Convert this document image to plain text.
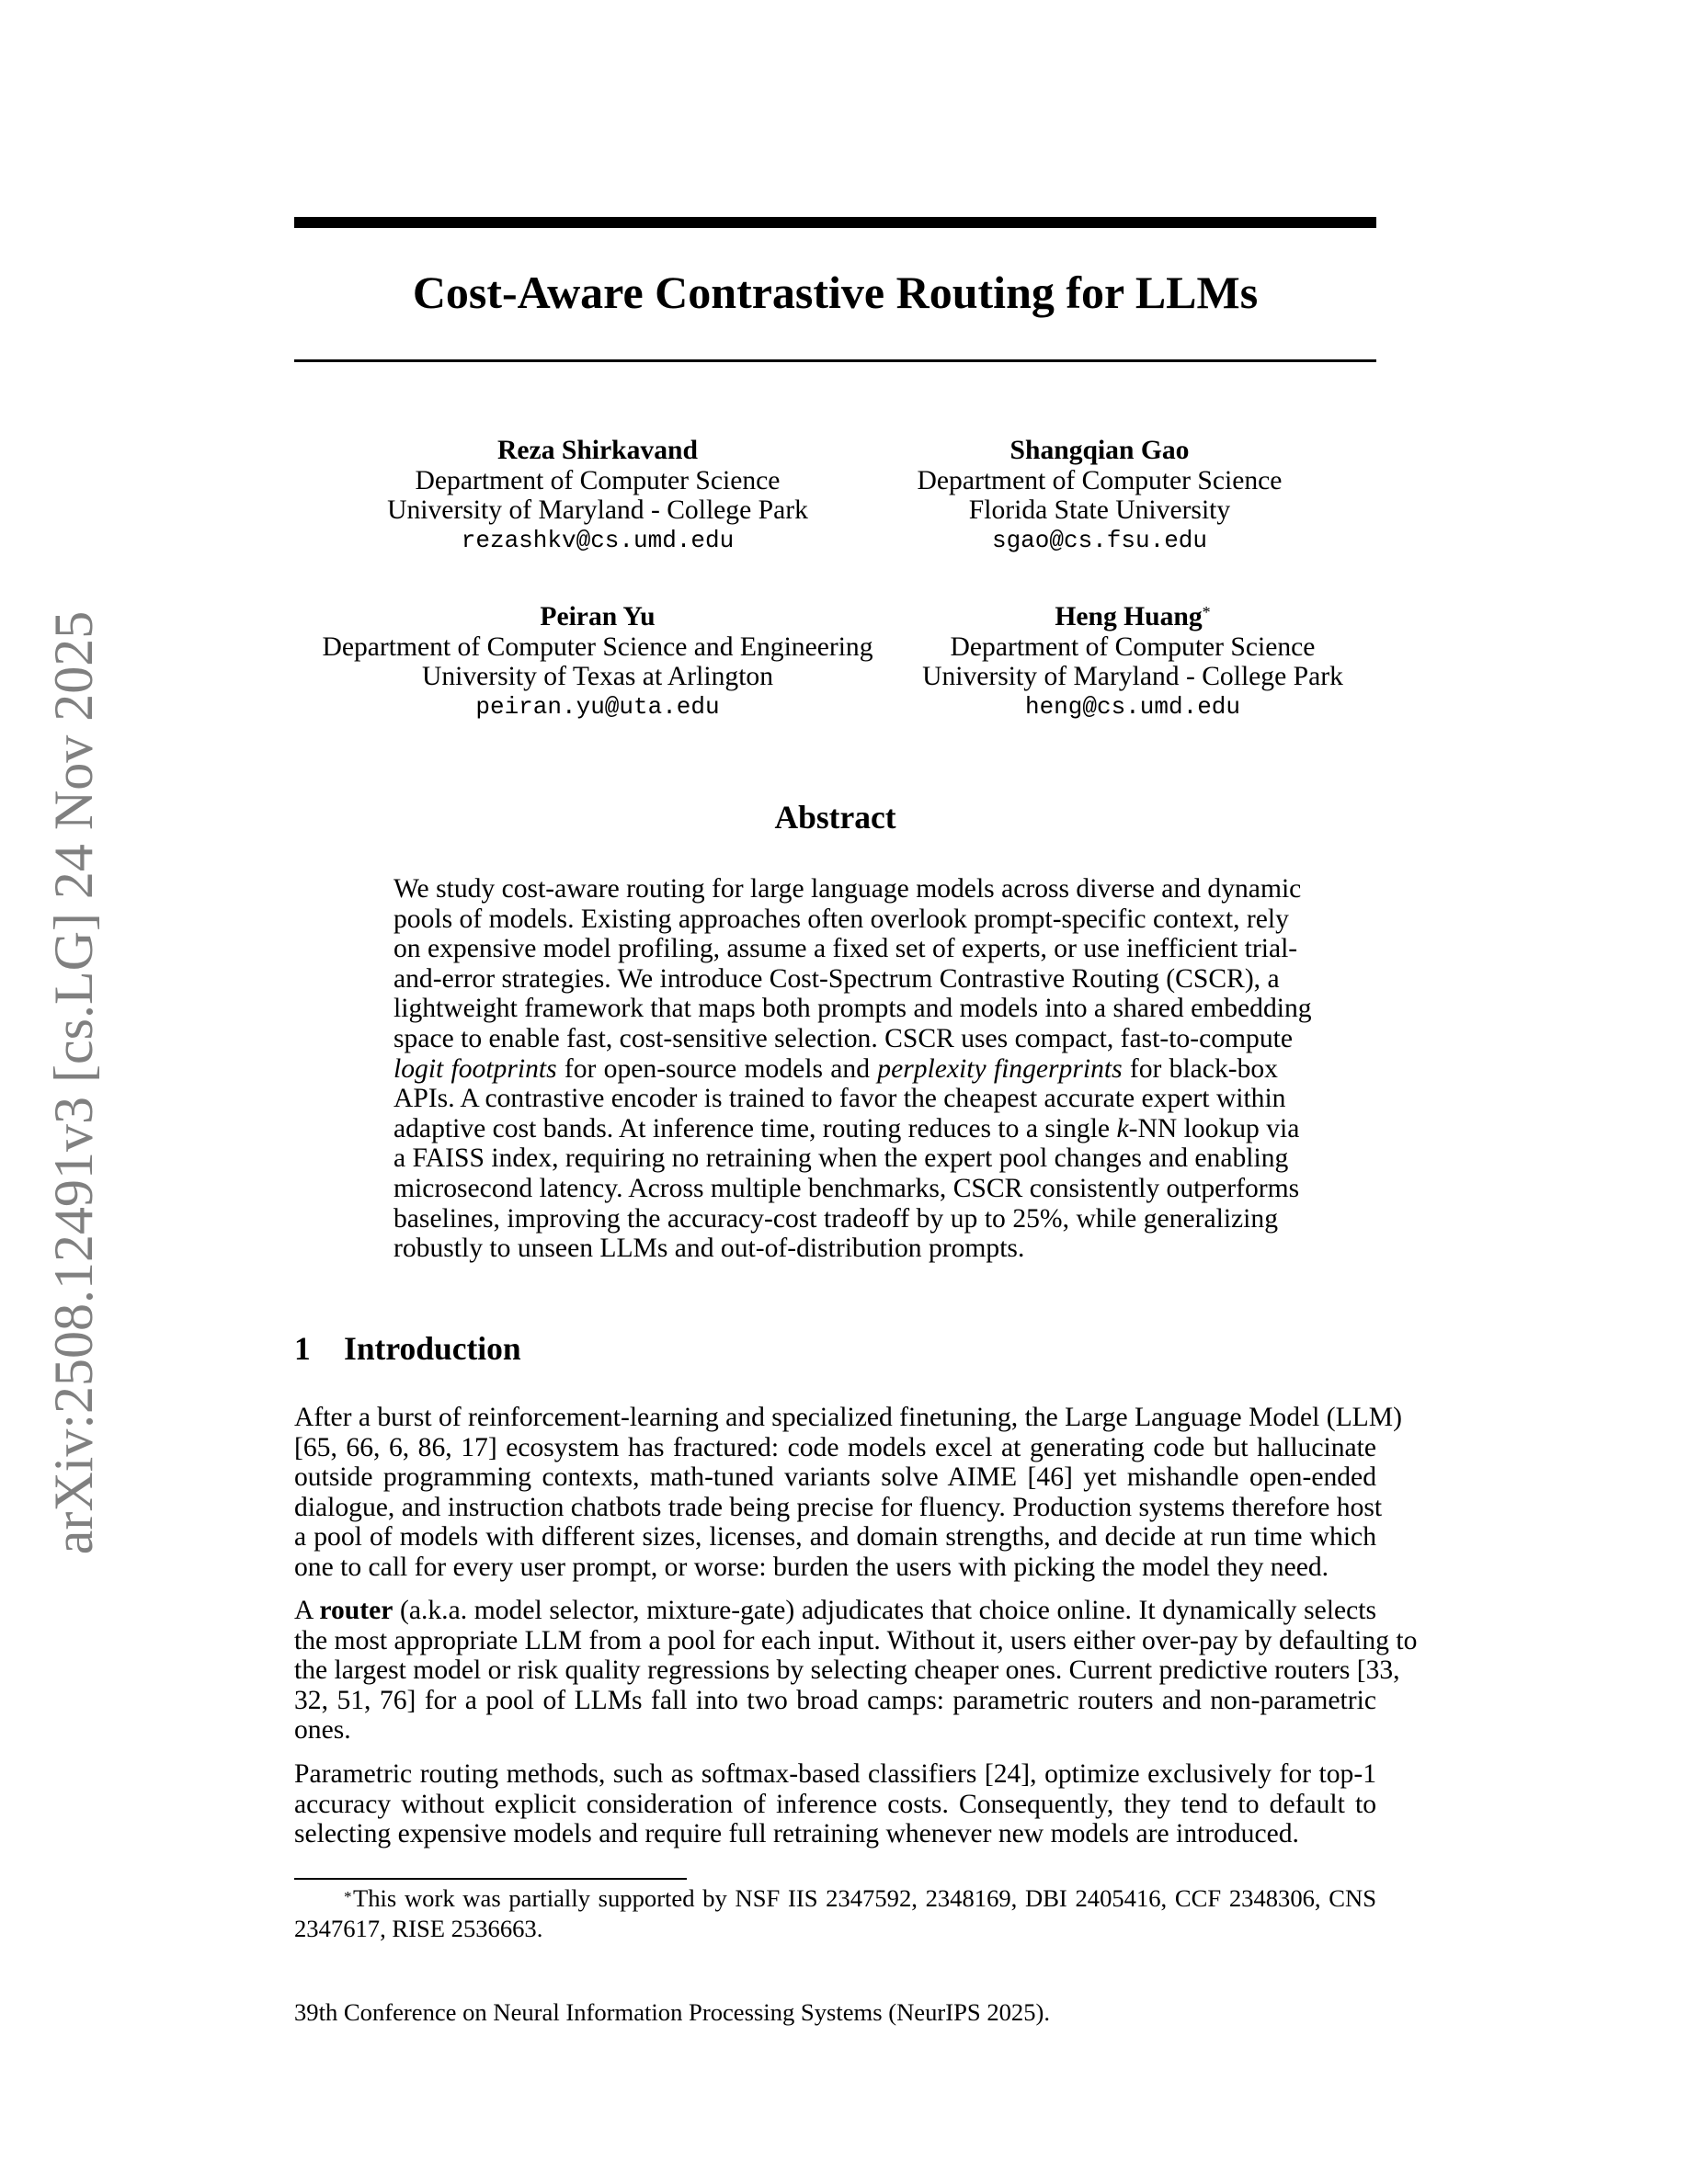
arXiv:2508.12491v3 [cs.LG] 24 Nov 2025
Cost-Aware Contrastive Routing for LLMs
Reza Shirkavand
Department of Computer Science
University of Maryland - College Park
rezashkv@cs.umd.edu
Shangqian Gao
Department of Computer Science
Florida State University
sgao@cs.fsu.edu
Peiran Yu
Department of Computer Science and Engineering
University of Texas at Arlington
peiran.yu@uta.edu
Heng Huang*
Department of Computer Science
University of Maryland - College Park
heng@cs.umd.edu
Abstract
We study cost-aware routing for large language models across diverse and dynamic
pools of models. Existing approaches often overlook prompt-specific context, rely
on expensive model profiling, assume a fixed set of experts, or use inefficient trial-
and-error strategies. We introduce Cost-Spectrum Contrastive Routing (CSCR), a
lightweight framework that maps both prompts and models into a shared embedding
space to enable fast, cost-sensitive selection. CSCR uses compact, fast-to-compute
logit footprints for open-source models and perplexity fingerprints for black-box
APIs. A contrastive encoder is trained to favor the cheapest accurate expert within
adaptive cost bands. At inference time, routing reduces to a single k-NN lookup via
a FAISS index, requiring no retraining when the expert pool changes and enabling
microsecond latency. Across multiple benchmarks, CSCR consistently outperforms
baselines, improving the accuracy-cost tradeoff by up to 25%, while generalizing
robustly to unseen LLMs and out-of-distribution prompts.
1 Introduction
After a burst of reinforcement-learning and specialized finetuning, the Large Language Model (LLM)
[65, 66, 6, 86, 17] ecosystem has fractured: code models excel at generating code but hallucinate
outside programming contexts, math-tuned variants solve AIME [46] yet mishandle open-ended
dialogue, and instruction chatbots trade being precise for fluency. Production systems therefore host
a pool of models with different sizes, licenses, and domain strengths, and decide at run time which
one to call for every user prompt, or worse: burden the users with picking the model they need.
A router (a.k.a. model selector, mixture-gate) adjudicates that choice online. It dynamically selects
the most appropriate LLM from a pool for each input. Without it, users either over-pay by defaulting to
the largest model or risk quality regressions by selecting cheaper ones. Current predictive routers [33,
32, 51, 76] for a pool of LLMs fall into two broad camps: parametric routers and non-parametric
ones.
Parametric routing methods, such as softmax-based classifiers [24], optimize exclusively for top-1
accuracy without explicit consideration of inference costs. Consequently, they tend to default to
selecting expensive models and require full retraining whenever new models are introduced.
* This work was partially supported by NSF IIS 2347592, 2348169, DBI 2405416, CCF 2348306, CNS
2347617, RISE 2536663.
39th Conference on Neural Information Processing Systems (NeurIPS 2025).
